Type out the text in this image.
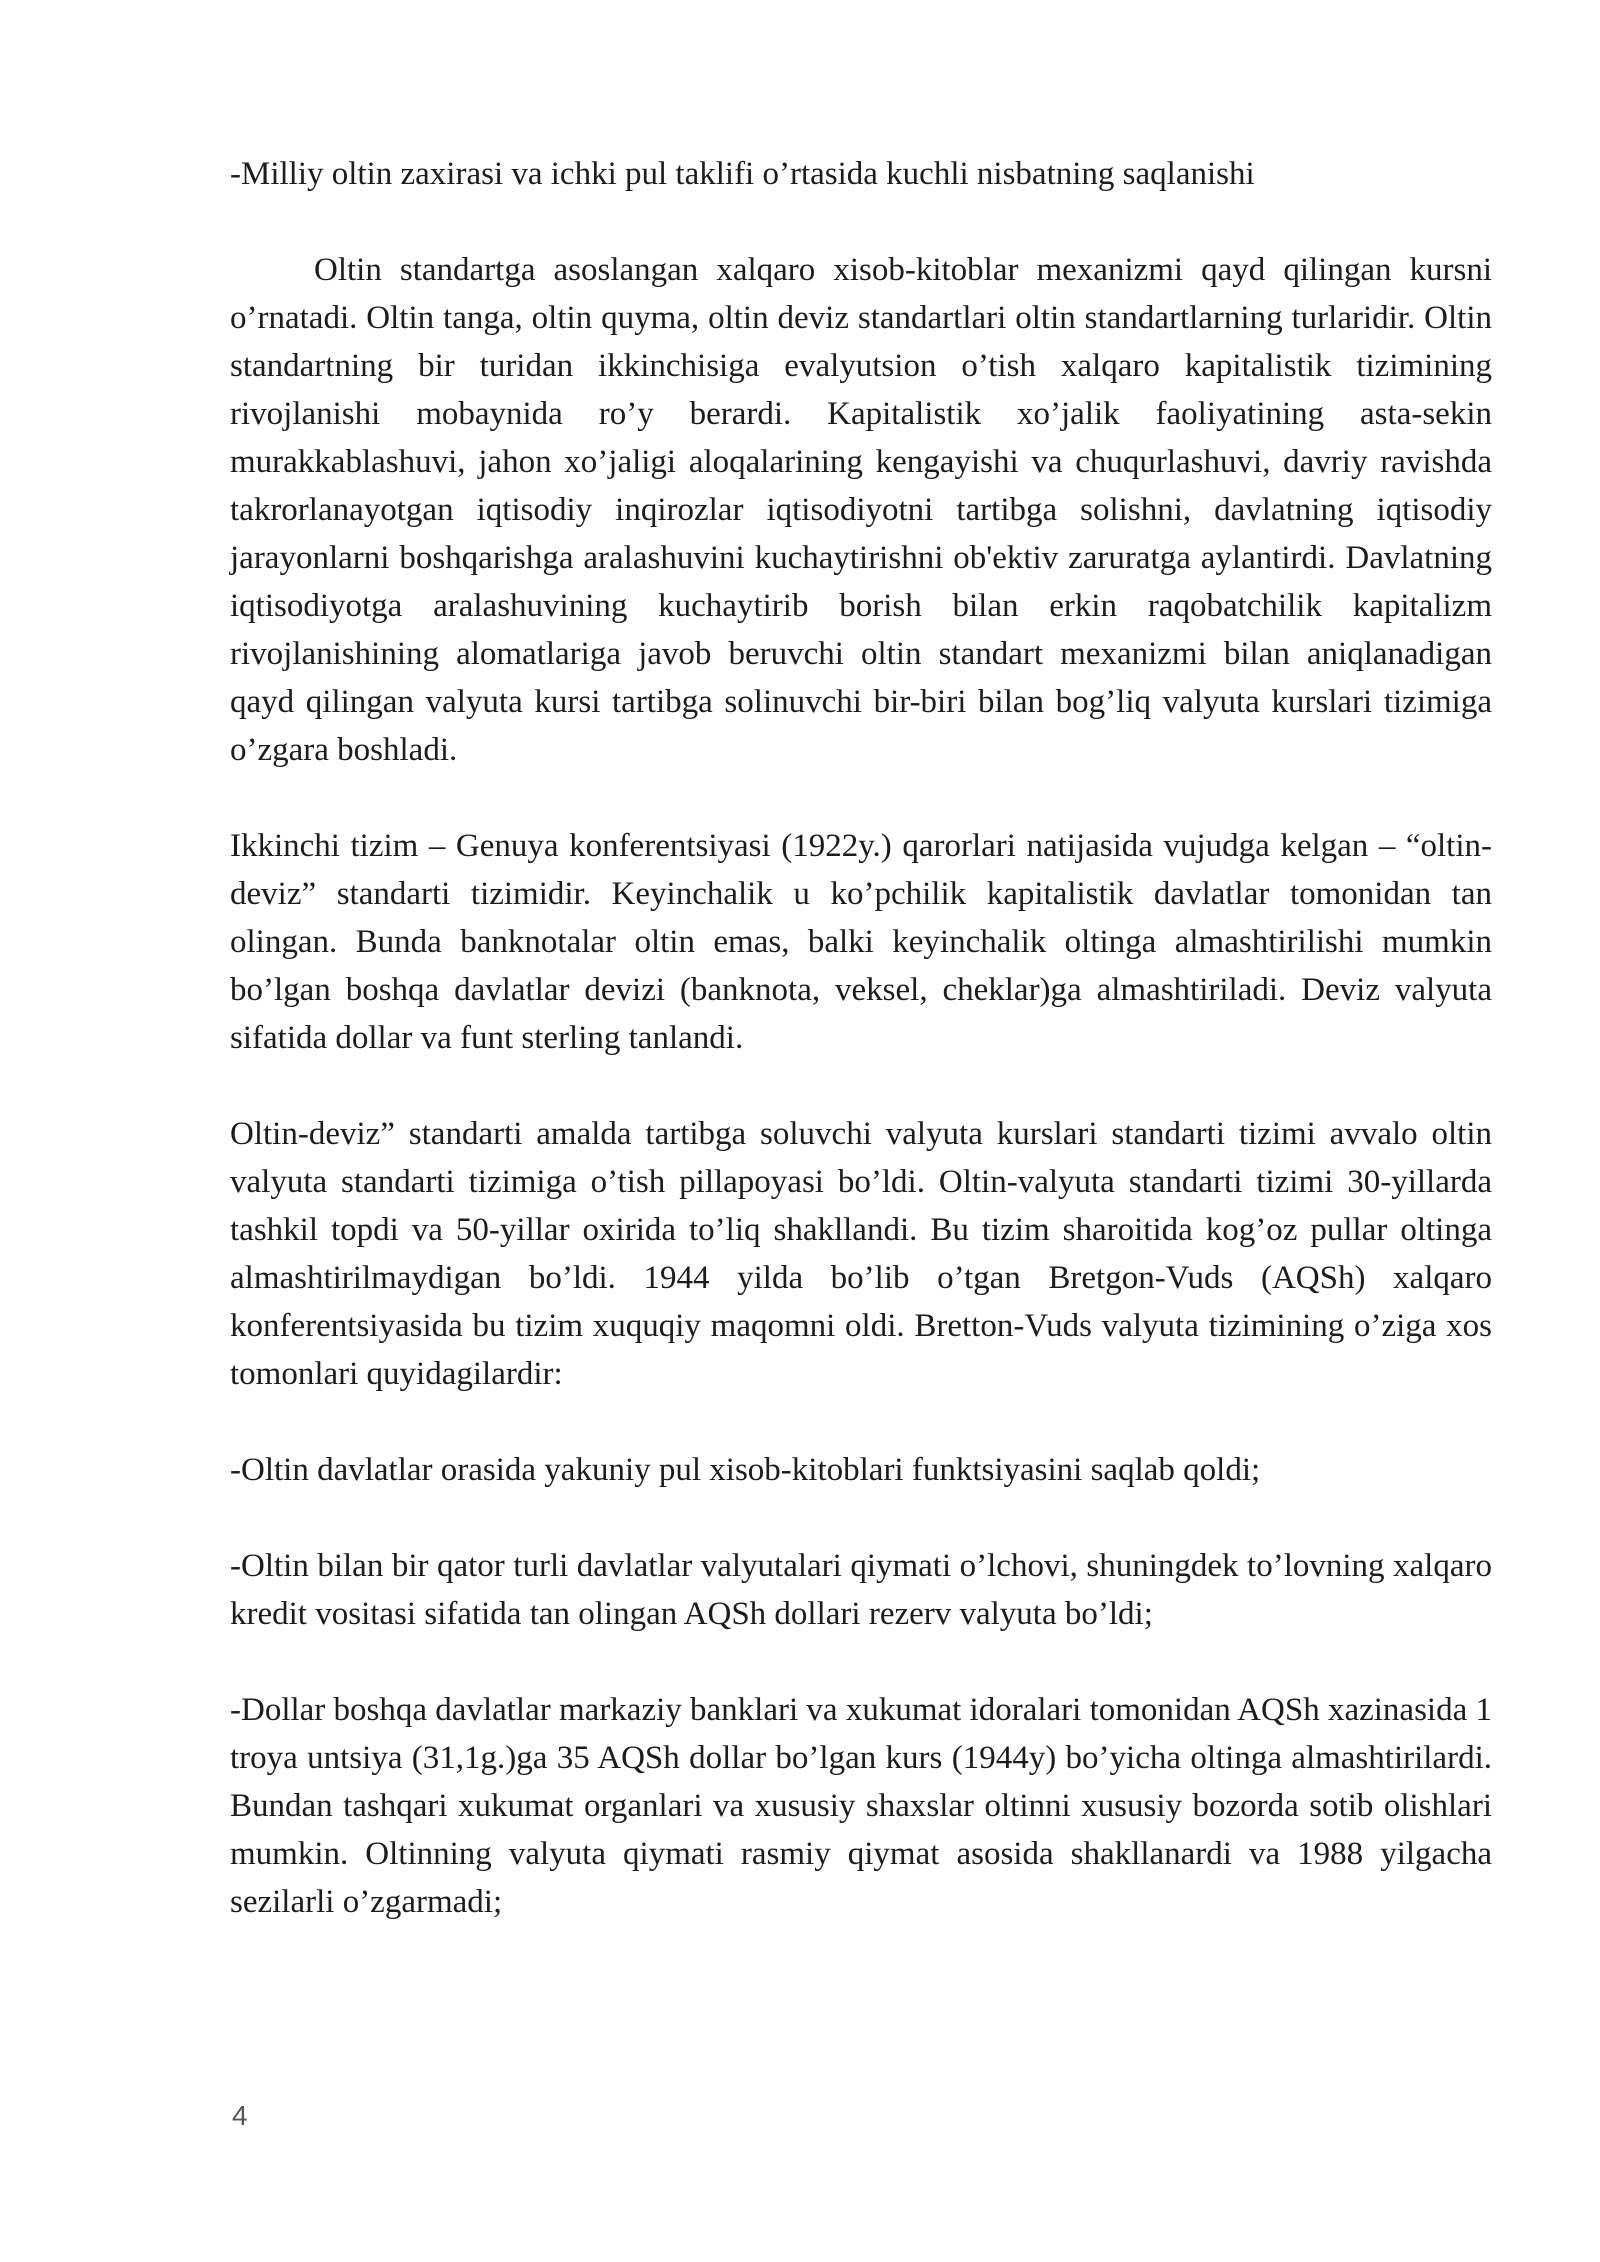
-Milliy oltin zaxirasi va ichki pul taklifi o’rtasida kuchli nisbatning saqlanishi

Oltin standartga asoslangan xalqaro xisob-kitoblar mexanizmi qayd qilingan kursni o’rnatadi. Oltin tanga, oltin quyma, oltin deviz standartlari oltin standartlarning turlaridir. Oltin standartning bir turidan ikkinchisiga evalyutsion o’tish xalqaro kapitalistik tizimining rivojlanishi mobaynida ro’y berardi. Kapitalistik xo’jalik faoliyatining asta-sekin murakkablashuvi, jahon xo’jaligi aloqalarining kengayishi va chuqurlashuvi, davriy ravishda takrorlanayotgan iqtisodiy inqirozlar iqtisodiyotni tartibga solishni, davlatning iqtisodiy jarayonlarni boshqarishga aralashuvini kuchaytirishni ob'ektiv zaruratga aylantirdi. Davlatning iqtisodiyotga aralashuvining kuchaytirib borish bilan erkin raqobatchilik kapitalizm rivojlanishining alomatlariga javob beruvchi oltin standart mexanizmi bilan aniqlanadigan qayd qilingan valyuta kursi tartibga solinuvchi bir-biri bilan bog’liq valyuta kurslari tizimiga o’zgara boshladi.

Ikkinchi tizim – Genuya konferentsiyasi (1922y.) qarorlari natijasida vujudga kelgan – “oltin-deviz” standarti tizimidir. Keyinchalik u ko’pchilik kapitalistik davlatlar tomonidan tan olingan. Bunda banknotalar oltin emas, balki keyinchalik oltinga almashtirilishi mumkin bo’lgan boshqa davlatlar devizi (banknota, veksel, cheklar)ga almashtiriladi. Deviz valyuta sifatida dollar va funt sterling tanlandi.

Oltin-deviz” standarti amalda tartibga soluvchi valyuta kurslari standarti tizimi avvalo oltin valyuta standarti tizimiga o’tish pillapoyasi bo’ldi. Oltin-valyuta standarti tizimi 30-yillarda tashkil topdi va 50-yillar oxirida to’liq shakllandi. Bu tizim sharoitida kog’oz pullar oltinga almashtirilmaydigan bo’ldi. 1944 yilda bo’lib o’tgan Bretgon-Vuds (AQSh) xalqaro konferentsiyasida bu tizim xuquqiy maqomni oldi. Bretton-Vuds valyuta tizimining o’ziga xos tomonlari quyidagilardir:

-Oltin davlatlar orasida yakuniy pul xisob-kitoblari funktsiyasini saqlab qoldi;

-Oltin bilan bir qator turli davlatlar valyutalari qiymati o’lchovi, shuningdek to’lovning xalqaro kredit vositasi sifatida tan olingan AQSh dollari rezerv valyuta bo’ldi;

-Dollar boshqa davlatlar markaziy banklari va xukumat idoralari tomonidan AQSh xazinasida 1 troya untsiya (31,1g.)ga 35 AQSh dollar bo’lgan kurs (1944y) bo’yicha oltinga almashtirilardi. Bundan tashqari xukumat organlari va xususiy shaxslar oltinni xususiy bozorda sotib olishlari mumkin. Oltinning valyuta qiymati rasmiy qiymat asosida shakllanardi va 1988 yilgacha sezilarli o’zgarmadi;

4
